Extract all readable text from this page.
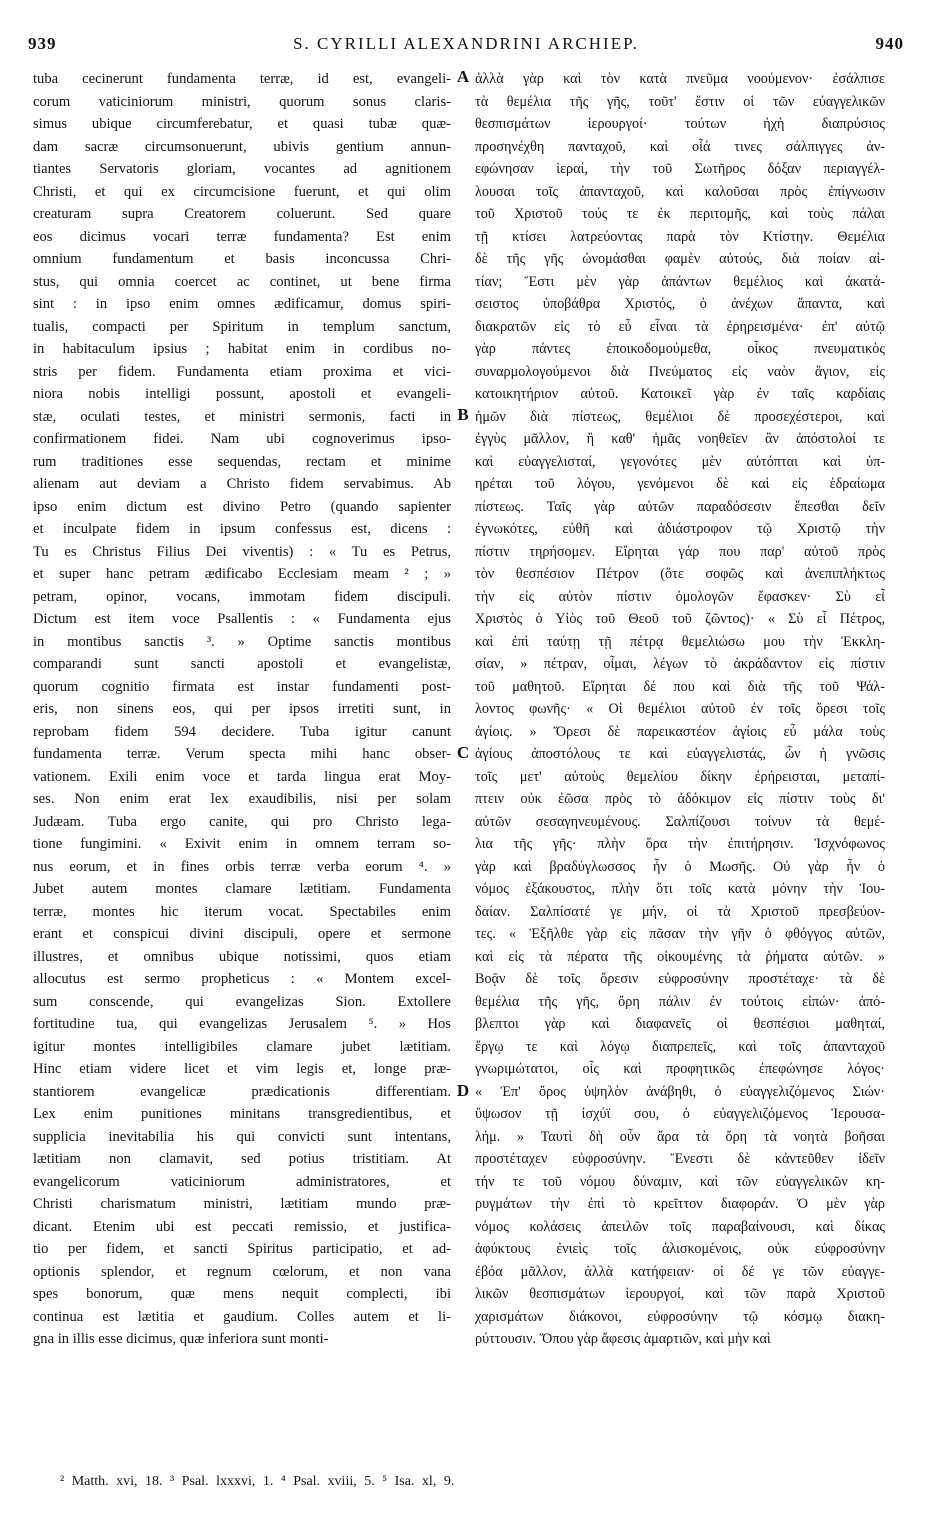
939	S. CYRILLI ALEXANDRINI ARCHIEP.	940
tuba cecinerunt fundamenta terræ, id est, evangeli-
corum vaticiniorum ministri, quorum sonus claris-
simus ubique circumferebatur, et quasi tubæ quæ-
dam sacræ circumsonuerunt, ubivis gentium annun-
tiantes Servatoris gloriam, vocantes ad agnitionem
Christi, et qui ex circumcisione fuerunt, et qui olim
creaturam supra Creatorem coluerunt. Sed quare
eos dicimus vocari terræ fundamenta? Est enim
omnium fundamentum et basis inconcussa Chri-
stus, qui omnia coercet ac continet, ut bene firma
sint : in ipso enim omnes ædificamur, domus spiri-
tualis, compacti per Spiritum in templum sanctum,
in habitaculum ipsius ; habitat enim in cordibus no-
stris per fidem. Fundamenta etiam proxima et vici-
niora nobis intelligi possunt, apostoli et evangeli-
stæ, oculati testes, et ministri sermonis, facti in
confirmationem fidei. Nam ubi cognoverimus ipso-
rum traditiones esse sequendas, rectam et minime
alienam aut deviam a Christo fidem servabimus. Ab
ipso enim dictum est divino Petro (quando sapienter
et inculpate fidem in ipsum confessus est, dicens :
Tu es Christus Filius Dei viventis) : « Tu es Petrus,
et super hanc petram ædificabo Ecclesiam meam ² ; »
petram, opinor, vocans, immotam fidem discipuli.
Dictum est item voce Psallentis : « Fundamenta ejus
in montibus sanctis ³. » Optime sanctis montibus
comparandi sunt sancti apostoli et evangelistæ,
quorum cognitio firmata est instar fundamenti post-
eris, non sinens eos, qui per ipsos irretiti sunt, in
reprobam fidem 594 decidere. Tuba igitur canunt
fundamenta terræ. Verum specta mihi hanc obser-
vationem. Exili enim voce et tarda lingua erat Moy-
ses. Non enim erat lex exaudibilis, nisi per solam
Judæam. Tuba ergo canite, qui pro Christo lega-
tione fungimini. « Exivit enim in omnem terram so-
nus eorum, et in fines orbis terræ verba eorum ⁴. »
Jubet autem montes clamare lætitiam. Fundamenta
terræ, montes hic iterum vocat. Spectabiles enim
erant et conspicui divini discipuli, opere et sermone
illustres, et omnibus ubique notissimi, quos etiam
allocutus est sermo propheticus : « Montem excel-
sum conscende, qui evangelizas Sion. Extollere
fortitudine tua, qui evangelizas Jerusalem ⁵. » Hos
igitur montes intelligibiles clamare jubet lætitiam.
Hinc etiam videre licet et vim legis et, longe præ-
stantiorem evangelicæ prædicationis differentiam.
Lex enim punitiones minitans transgredientibus, et
supplicia inevitabilia his qui convicti sunt intentans,
lætitiam non clamavit, sed potius tristitiam. At
evangelicorum vaticiniorum administratores, et
Christi charismatum ministri, lætitiam mundo præ-
dicant. Etenim ubi est peccati remissio, et justifica-
tio per fidem, et sancti Spiritus participatio, et ad-
optionis splendor, et regnum cœlorum, et non vana
spes bonorum, quæ mens nequit complecti, ibi
continua est lætitia et gaudium. Colles autem et li-
gna in illis esse dicimus, quæ inferiora sunt monti-
ἀλλὰ γὰρ καὶ τὸν κατὰ πνεῦμα νοούμενον· ἐσάλπισε
τὰ θεμέλια τῆς γῆς, τοῦτ' ἔστιν οἱ τῶν εὐαγγελικῶν
θεσπισμάτων ἱερουργοί· τούτων ἠχὴ διαπρύσιος
προσηνέχθη πανταχοῦ, καὶ οἷά τινες σάλπιγγες ἀν-
εφώνησαν ἱεραί, τὴν τοῦ Σωτῆρος δόξαν περιαγγέλ-
λουσαι τοῖς ἁπανταχοῦ, καὶ καλοῦσαι πρὸς ἐπίγνωσιν
τοῦ Χριστοῦ τούς τε ἐκ περιτομῆς, καὶ τοὺς πάλαι
τῇ κτίσει λατρεύοντας παρὰ τὸν Κτίστην. Θεμέλια
δὲ τῆς γῆς ὠνομάσθαι φαμὲν αὐτούς, διὰ ποίαν αἰ-
τίαν; Ἔστι μὲν γὰρ ἁπάντων θεμέλιος καὶ ἀκατά-
σειστος ὑποβάθρα Χριστός, ὁ ἀνέχων ἅπαντα, καὶ
διακρατῶν εἰς τὸ εὖ εἶναι τὰ ἐρηρεισμένα· ἐπ' αὐτῷ
γὰρ πάντες ἐποικοδομούμεθα, οἶκος πνευματικὸς
συναρμολογούμενοι διὰ Πνεύματος εἰς ναὸν ἅγιον, εἰς
κατοικητήριον αὐτοῦ. Κατοικεῖ γὰρ ἐν ταῖς καρδίαις
ἡμῶν διὰ πίστεως, θεμέλιοι δὲ προσεχέστεροι, καὶ
ἐγγὺς μᾶλλον, ἢ καθ' ἡμᾶς νοηθεῖεν ἂν ἀπόστολοί τε
καὶ εὐαγγελισταί, γεγονότες μὲν αὐτόπται καὶ ὑπ-
ηρέται τοῦ λόγου, γενόμενοι δὲ καὶ εἰς ἑδραίωμα
πίστεως. Ταῖς γὰρ αὐτῶν παραδόσεσιν ἕπεσθαι δεῖν
ἐγνωκότες, εὐθῆ καὶ ἀδιάστροφον τῷ Χριστῷ τὴν
πίστιν τηρήσομεν. Εἴρηται γάρ που παρ' αὐτοῦ πρὸς
τὸν θεσπέσιον Πέτρον (ὅτε σοφῶς καὶ ἀνεπιπλήκτως
τὴν εἰς αὐτὸν πίστιν ὁμολογῶν ἔφασκεν· Σὺ εἶ
Χριστὸς ὁ Υἱὸς τοῦ Θεοῦ τοῦ ζῶντος)· « Σὺ εἶ Πέτρος,
καὶ ἐπὶ ταύτῃ τῇ πέτρᾳ θεμελιώσω μου τὴν Ἐκκλη-
σίαν, » πέτραν, οἶμαι, λέγων τὸ ἀκράδαντον εἰς πίστιν
τοῦ μαθητοῦ. Εἴρηται δέ που καὶ διὰ τῆς τοῦ Ψάλ-
λοντος φωνῆς· « Οἱ θεμέλιοι αὐτοῦ ἐν τοῖς ὄρεσι τοῖς
ἁγίοις. » Ὄρεσι δὲ παρεικαστέον ἁγίοις εὖ μάλα τοὺς
ἁγίους ἀποστόλους τε καὶ εὐαγγελιστάς, ὧν ἡ γνῶσις
τοῖς μετ' αὐτοὺς θεμελίου δίκην ἐρήρεισται, μεταπί-
πτειν οὐκ ἐῶσα πρὸς τὸ ἀδόκιμον εἰς πίστιν τοὺς δι'
αὐτῶν σεσαγηνευμένους. Σαλπίζουσι τοίνυν τὰ θεμέ-
λια τῆς γῆς· πλὴν ὅρα τὴν ἐπιτήρησιν. Ἰσχνόφωνος
γὰρ καὶ βραδύγλωσσος ἦν ὁ Μωσῆς. Οὐ γὰρ ἦν ὁ
νόμος ἐξάκουστος, πλὴν ὅτι τοῖς κατὰ μόνην τὴν Ἰου-
δαίαν. Σαλπίσατέ γε μήν, οἱ τὰ Χριστοῦ πρεσβεύον-
τες. « Ἐξῆλθε γὰρ εἰς πᾶσαν τὴν γῆν ὁ φθόγγος αὐτῶν,
καὶ εἰς τὰ πέρατα τῆς οἰκουμένης τὰ ῥήματα αὐτῶν. »
Βοᾷν δὲ τοῖς ὄρεσιν εὐφροσύνην προστέταχε· τὰ δὲ
θεμέλια τῆς γῆς, ὄρη πάλιν ἐν τούτοις εἰπών· ἀπό-
βλεπτοι γὰρ καὶ διαφανεῖς οἱ θεσπέσιοι μαθηταί,
ἔργῳ τε καὶ λόγῳ διαπρεπεῖς, καὶ τοῖς ἁπανταχοῦ
γνωριμώτατοι, οἷς καὶ προφητικῶς ἐπεφώνησε λόγος·
« Ἐπ' ὄρος ὑψηλὸν ἀνάβηθι, ὁ εὐαγγελιζόμενος Σιών·
ὕψωσον τῇ ἰσχύϊ σου, ὁ εὐαγγελιζόμενος Ἱερουσα-
λήμ. » Ταυτὶ δὴ οὖν ἄρα τὰ ὄρη τὰ νοητὰ βοῆσαι
προστέταχεν εὐφροσύνην. Ἔνεστι δὲ κἀντεῦθεν ἰδεῖν
τήν τε τοῦ νόμου δύναμιν, καὶ τῶν εὐαγγελικῶν κη-
ρυγμάτων τὴν ἐπὶ τὸ κρεῖττον διαφοράν. Ὁ μὲν γὰρ
νόμος κολάσεις ἀπειλῶν τοῖς παραβαίνουσι, καὶ δίκας
ἀφύκτους ἐνιεὶς τοῖς ἁλισκομένοις, οὐκ εὐφροσύνην
ἐβόα μᾶλλον, ἀλλὰ κατήφειαν· οἱ δέ γε τῶν εὐαγγε-
λικῶν θεσπισμάτων ἱερουργοί, καὶ τῶν παρὰ Χριστοῦ
χαρισμάτων διάκονοι, εὐφροσύνην τῷ κόσμῳ διακη-
ρύττουσιν. Ὅπου γὰρ ἄφεσις ἁμαρτιῶν, καὶ μὴν καὶ
A
B
C
D
² Matth. xvi, 18. ³ Psal. lxxxvi, 1. ⁴ Psal. xviii, 5. ⁵ Isa. xl, 9.
